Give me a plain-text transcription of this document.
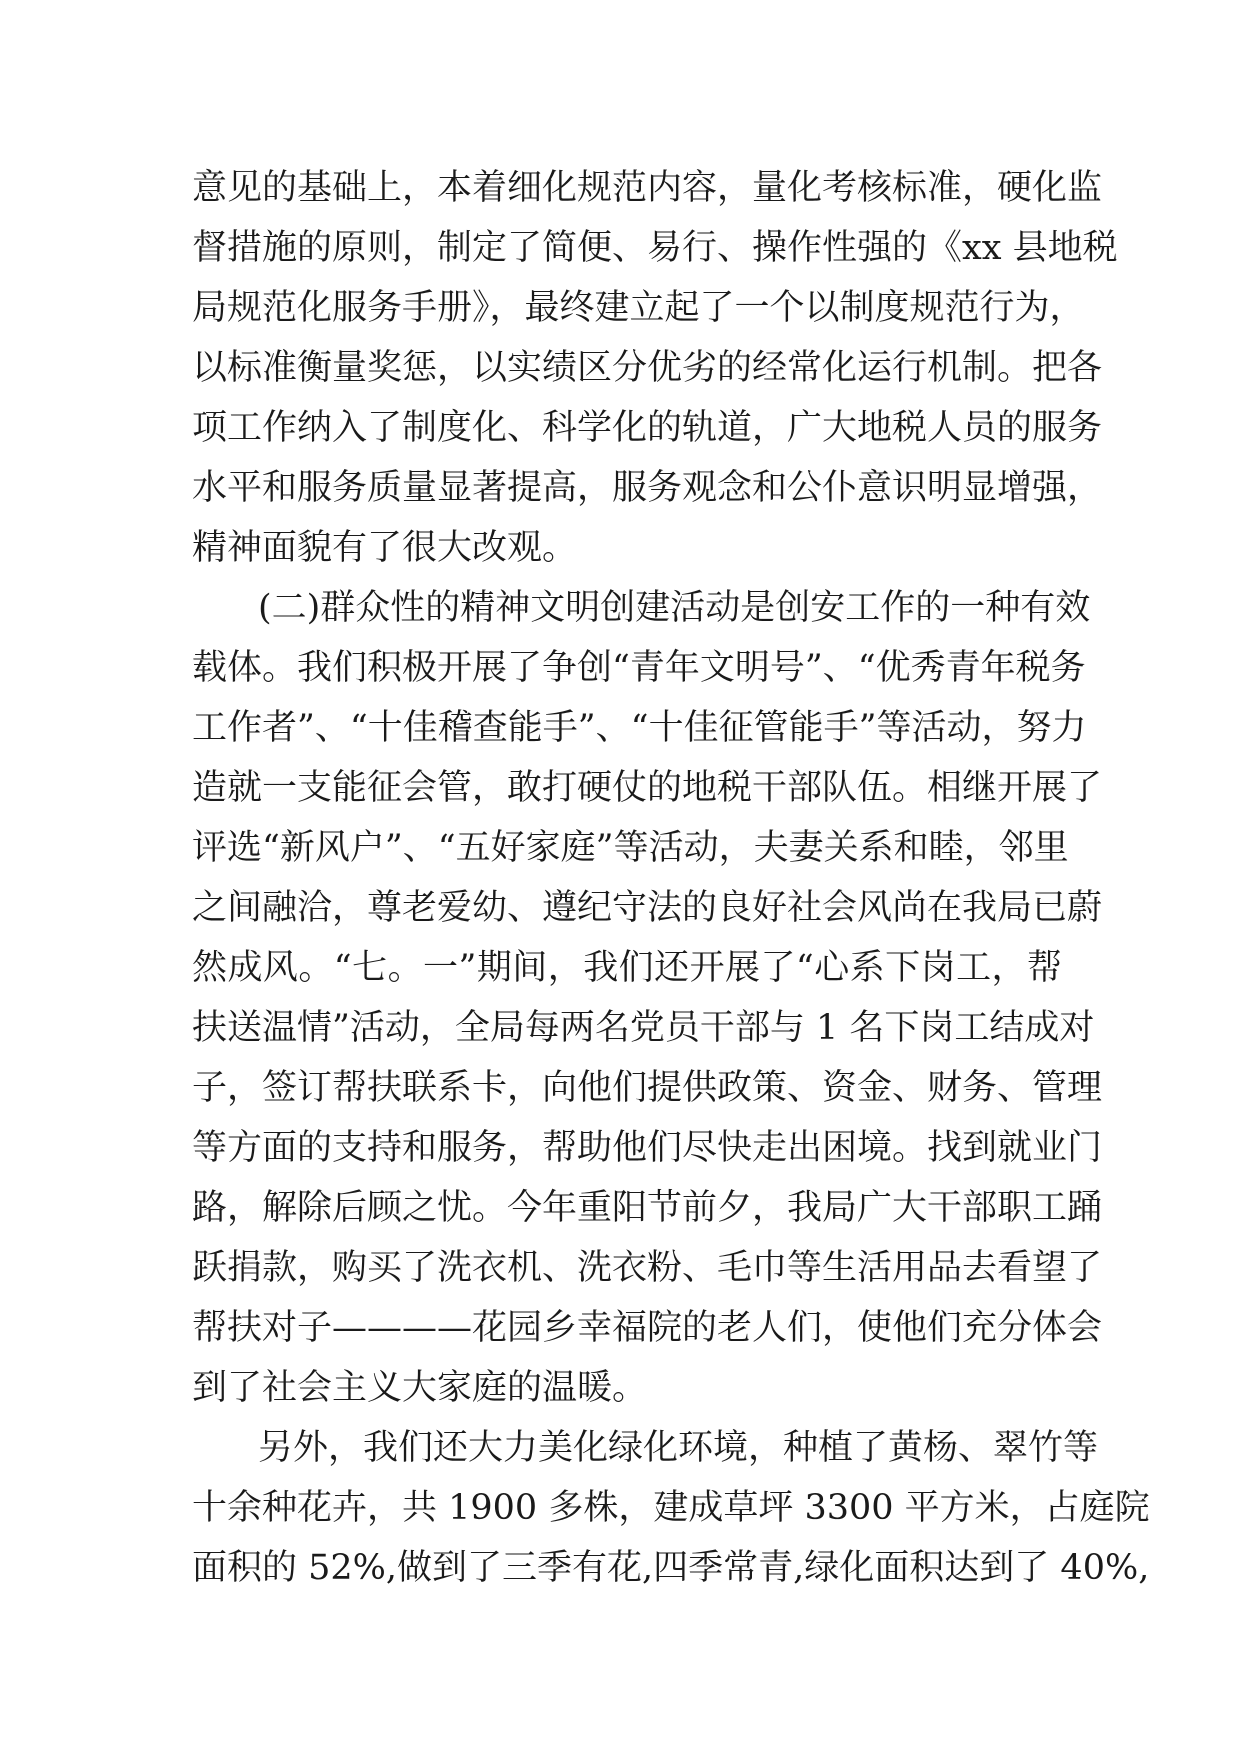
意见的基础上，本着细化规范内容，量化考核标准，硬化监
督措施的原则，制定了简便、易行、操作性强的《xx 县地税
局规范化服务手册》，最终建立起了一个以制度规范行为，
以标准衡量奖惩，以实绩区分优劣的经常化运行机制。把各
项工作纳入了制度化、科学化的轨道，广大地税人员的服务
水平和服务质量显著提高，服务观念和公仆意识明显增强，
精神面貌有了很大改观。
(二)群众性的精神文明创建活动是创安工作的一种有效
载体。我们积极开展了争创“青年文明号”、“优秀青年税务
工作者”、“十佳稽查能手”、“十佳征管能手”等活动，努力
造就一支能征会管，敢打硬仗的地税干部队伍。相继开展了
评选“新风户”、“五好家庭”等活动，夫妻关系和睦，邻里
之间融洽，尊老爱幼、遵纪守法的良好社会风尚在我局已蔚
然成风。“七。一”期间，我们还开展了“心系下岗工，帮
扶送温情”活动，全局每两名党员干部与 1 名下岗工结成对
子，签订帮扶联系卡，向他们提供政策、资金、财务、管理
等方面的支持和服务，帮助他们尽快走出困境。找到就业门
路，解除后顾之忧。今年重阳节前夕，我局广大干部职工踊
跃捐款，购买了洗衣机、洗衣粉、毛巾等生活用品去看望了
帮扶对子————花园乡幸福院的老人们，使他们充分体会
到了社会主义大家庭的温暖。
另外，我们还大力美化绿化环境，种植了黄杨、翠竹等
十余种花卉，共 1900 多株，建成草坪 3300 平方米，占庭院
面积的 52%,做到了三季有花,四季常青,绿化面积达到了 40%,
